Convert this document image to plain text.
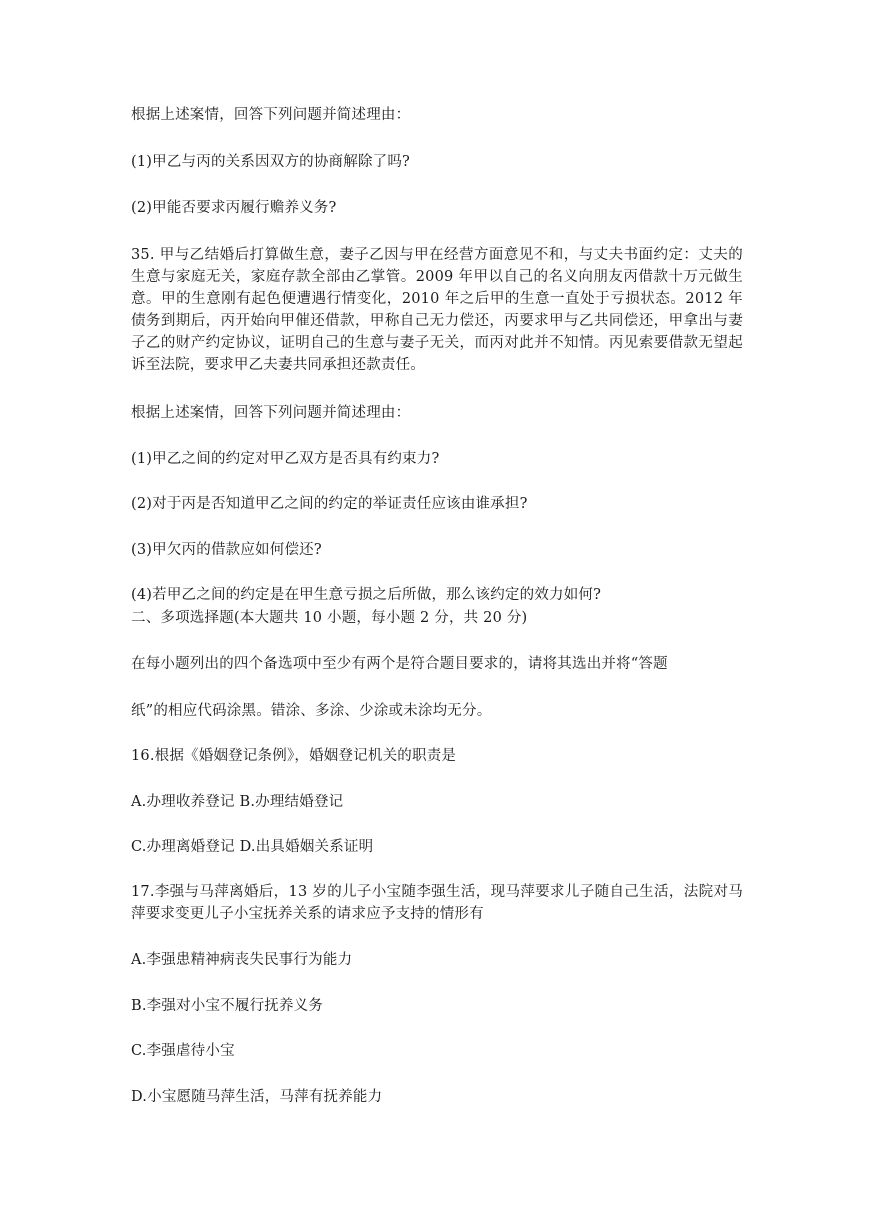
根据上述案情，回答下列问题并简述理由：
(1)甲乙与丙的关系因双方的协商解除了吗?
(2)甲能否要求丙履行赡养义务?
35. 甲与乙结婚后打算做生意，妻子乙因与甲在经营方面意见不和，与丈夫书面约定：丈夫的生意与家庭无关，家庭存款全部由乙掌管。2009 年甲以自己的名义向朋友丙借款十万元做生意。甲的生意刚有起色便遭遇行情变化，2010 年之后甲的生意一直处于亏损状态。2012 年债务到期后，丙开始向甲催还借款，甲称自己无力偿还，丙要求甲与乙共同偿还，甲拿出与妻子乙的财产约定协议，证明自己的生意与妻子无关，而丙对此并不知情。丙见索要借款无望起诉至法院，要求甲乙夫妻共同承担还款责任。
根据上述案情，回答下列问题并简述理由：
(1)甲乙之间的约定对甲乙双方是否具有约束力?
(2)对于丙是否知道甲乙之间的约定的举证责任应该由谁承担?
(3)甲欠丙的借款应如何偿还?
(4)若甲乙之间的约定是在甲生意亏损之后所做，那么该约定的效力如何?
二、多项选择题(本大题共 10 小题，每小题 2 分，共 20 分)
在每小题列出的四个备选项中至少有两个是符合题目要求的，请将其选出并将“答题
纸”的相应代码涂黑。错涂、多涂、少涂或未涂均无分。
16.根据《婚姻登记条例》，婚姻登记机关的职责是
A.办理收养登记 B.办理结婚登记
C.办理离婚登记 D.出具婚姻关系证明
17.李强与马萍离婚后，13 岁的儿子小宝随李强生活，现马萍要求儿子随自己生活，法院对马萍要求变更儿子小宝抚养关系的请求应予支持的情形有
A.李强患精神病丧失民事行为能力
B.李强对小宝不履行抚养义务
C.李强虐待小宝
D.小宝愿随马萍生活，马萍有抚养能力
